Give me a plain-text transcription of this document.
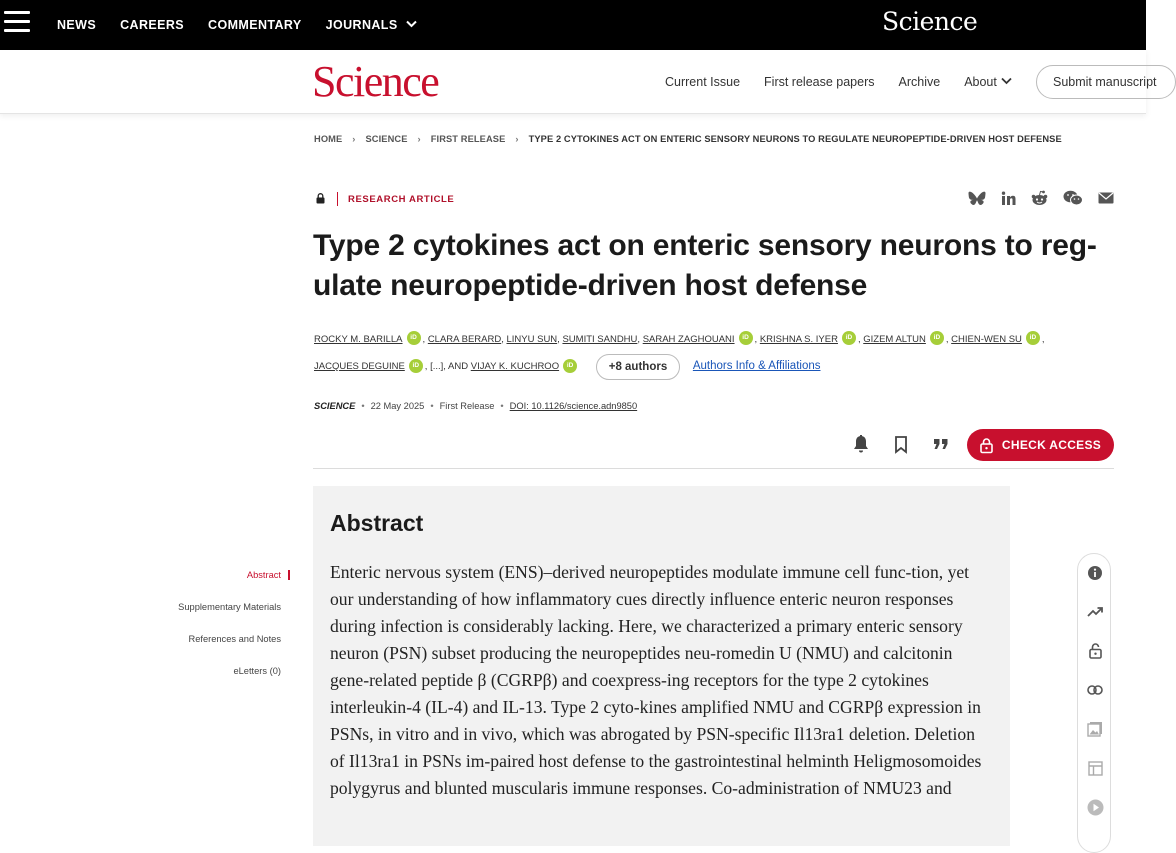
NEWS CAREERS COMMENTARY JOURNALS	Science
Science	Current Issue First release papers Archive About	Submit manuscript
HOME › SCIENCE › FIRST RELEASE › TYPE 2 CYTOKINES ACT ON ENTERIC SENSORY NEURONS TO REGULATE NEUROPEPTIDE-DRIVEN HOST DEFENSE
RESEARCH ARTICLE
Type 2 cytokines act on enteric sensory neurons to reg-ulate neuropeptide-driven host defense
ROCKY M. BARILLA iD , CLARA BERARD, LINYU SUN, SUMITI SANDHU, SARAH ZAGHOUANI iD , KRISHNA S. IYER iD , GIZEM ALTUN iD , CHIEN-WEN SU iD ,
JACQUES DEGUINE iD , [...], AND VIJAY K. KUCHROO iD	+8 authors Authors Info & Affiliations
SCIENCE • 22 May 2025 • First Release • DOI: 10.1126/science.adn9850
CHECK ACCESS
Abstract
Supplementary Materials
References and Notes
eLetters (0)
Abstract

Enteric nervous system (ENS)–derived neuropeptides modulate immune cell func-tion, yet our understanding of how inflammatory cues directly influence enteric neuron responses during infection is considerably lacking. Here, we characterized a primary enteric sensory neuron (PSN) subset producing the neuropeptides neu-romedin U (NMU) and calcitonin gene-related peptide β (CGRPβ) and coexpress-ing receptors for the type 2 cytokines interleukin-4 (IL-4) and IL-13. Type 2 cyto-kines amplified NMU and CGRPβ expression in PSNs, in vitro and in vivo, which was abrogated by PSN-specific Il13ra1 deletion. Deletion of Il13ra1 in PSNs im-paired host defense to the gastrointestinal helminth Heligmosomoides polygyrus and blunted muscularis immune responses. Co-administration of NMU23 and
